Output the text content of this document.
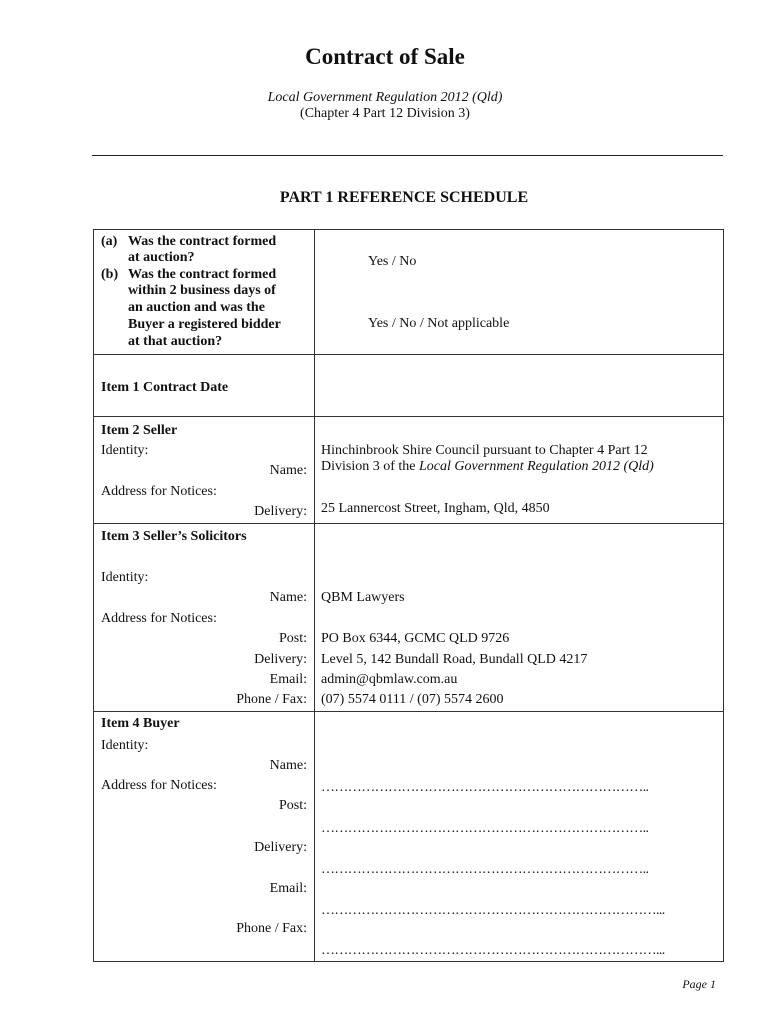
Contract of Sale
Local Government Regulation 2012 (Qld)
(Chapter 4 Part 12 Division 3)
PART 1 REFERENCE SCHEDULE
(a) Was the contract formed
at auction?
(b) Was the contract formed
within 2 business days of
an auction and was the
Buyer a registered bidder
at that auction?
Yes / No
Yes / No / Not applicable
Item 1 Contract Date
Item 2 Seller
Identity:
Name:
Hinchinbrook Shire Council pursuant to Chapter 4 Part 12
Division 3 of the Local Government Regulation 2012 (Qld)
Address for Notices:
Delivery: 25 Lannercost Street, Ingham, Qld, 4850
Item 3 Seller’s Solicitors
Identity:
Name: QBM Lawyers
Address for Notices:
Post: PO Box 6344, GCMC QLD 9726
Delivery: Level 5, 142 Bundall Road, Bundall QLD 4217
Email: admin@qbmlaw.com.au
Phone / Fax: (07) 5574 0111 / (07) 5574 2600
Item 4 Buyer
Identity:
Name:
Address for Notices:
Post:
Delivery:
Email:
Phone / Fax:
………………………………………………………………..
………………………………………………………………..
………………………………………………………………..
…………………………………………………………………...
…………………………………………………………………...
Page 1
